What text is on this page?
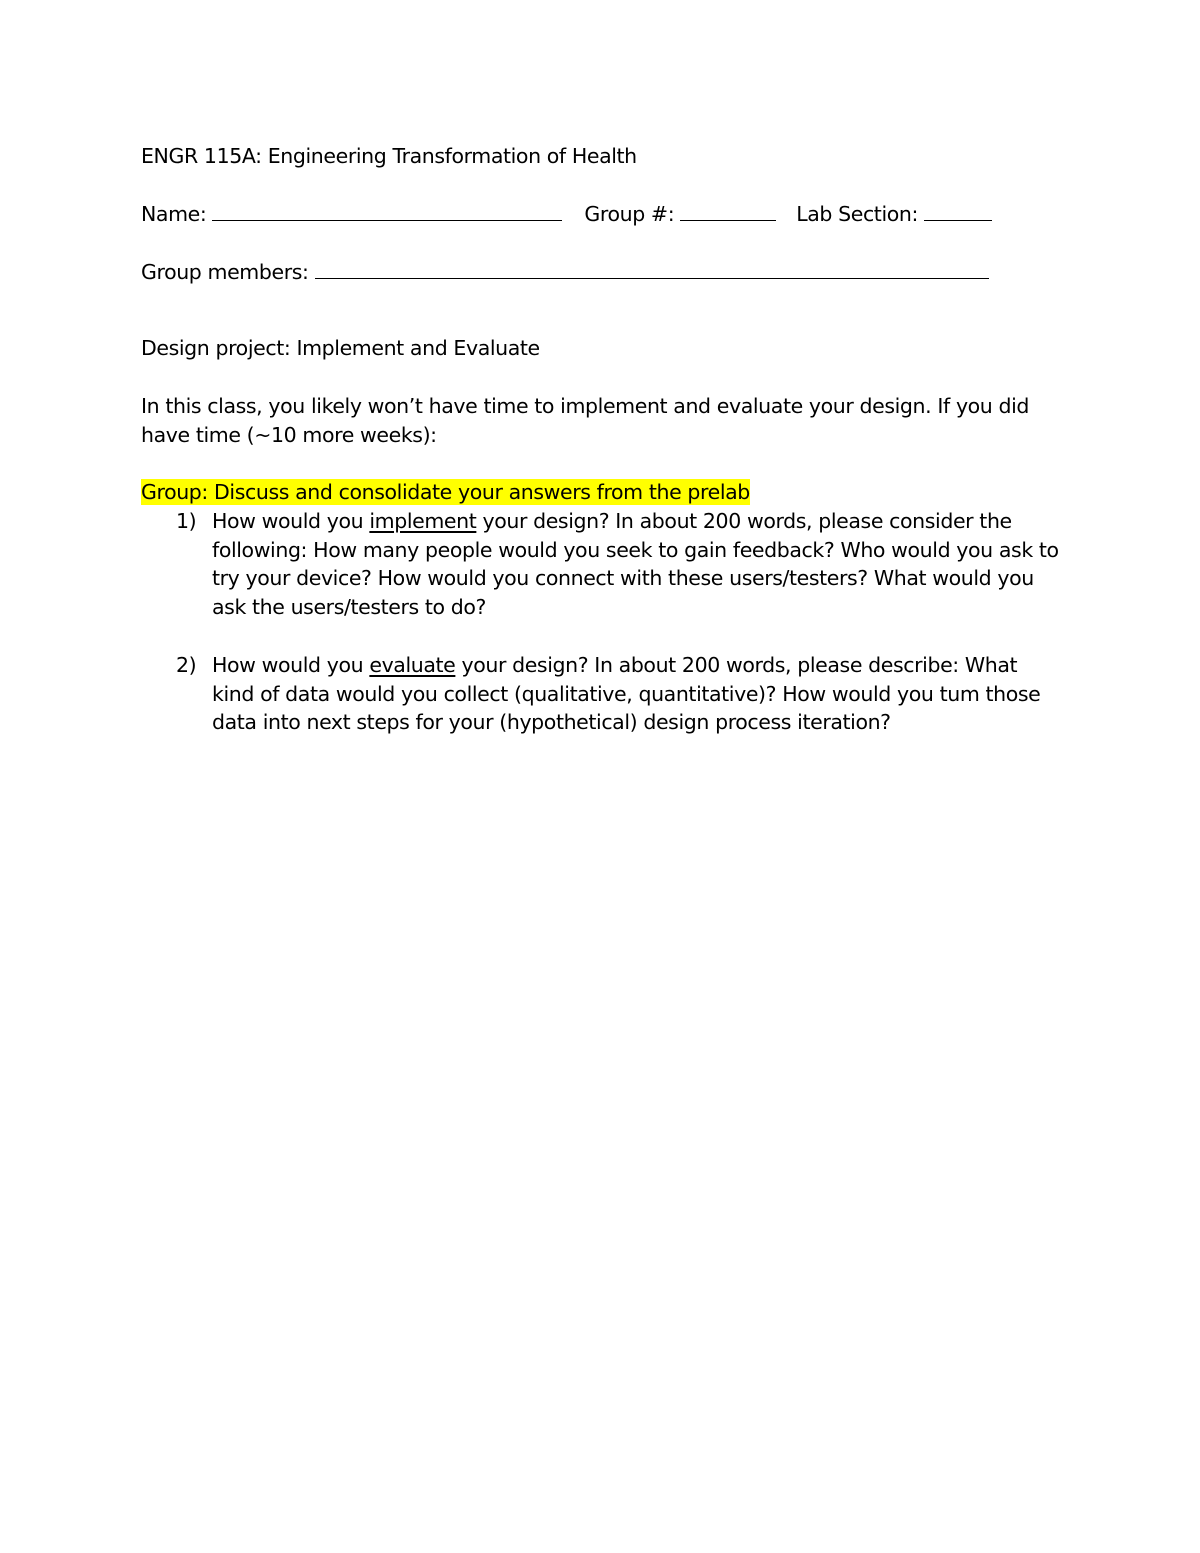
ENGR 115A: Engineering Transformation of Health
Name:	Group #:	Lab Section:
Group members:
Design project: Implement and Evaluate
In this class, you likely won’t have time to implement and evaluate your design. If you did have time (~10 more weeks):
Group: Discuss and consolidate your answers from the prelab
1) How would you implement your design? In about 200 words, please consider the following: How many people would you seek to gain feedback? Who would you ask to try your device? How would you connect with these users/testers? What would you ask the users/testers to do?
2) How would you evaluate your design? In about 200 words, please describe: What kind of data would you collect (qualitative, quantitative)? How would you tum those data into next steps for your (hypothetical) design process iteration?
